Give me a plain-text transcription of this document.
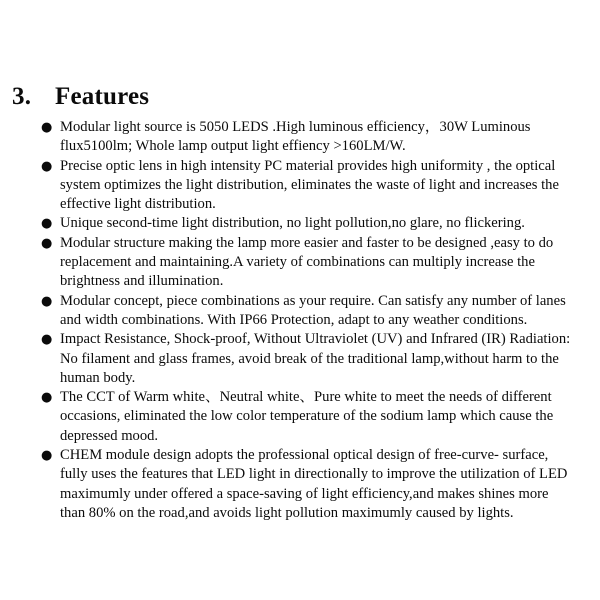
3. Features
● Modular light source is 5050 LEDS .High luminous efficiency，30W Luminous flux5100lm; Whole lamp output light effiency >160LM/W.
● Precise optic lens in high intensity PC material provides high uniformity , the optical system optimizes the light distribution, eliminates the waste of light and increases the effective light distribution.
● Unique second-time light distribution, no light pollution,no glare, no flickering.
● Modular structure making the lamp more easier and faster to be designed ,easy to do replacement and maintaining.A variety of combinations can multiply increase the brightness and illumination.
● Modular concept, piece combinations as your require. Can satisfy any number of lanes and width combinations. With IP66 Protection, adapt to any weather conditions.
● Impact Resistance, Shock-proof, Without Ultraviolet (UV) and Infrared (IR) Radiation: No filament and glass frames, avoid break of the traditional lamp,without harm to the human body.
● The CCT of Warm white、Neutral white、Pure white to meet the needs of different occasions, eliminated the low color temperature of the sodium lamp which cause the depressed mood.
● CHEM module design adopts the professional optical design of free-curve- surface, fully uses the features that LED light in directionally to improve the utilization of LED maximumly under offered a space-saving of light efficiency,and makes shines more than 80% on the road,and avoids light pollution maximumly caused by lights.
